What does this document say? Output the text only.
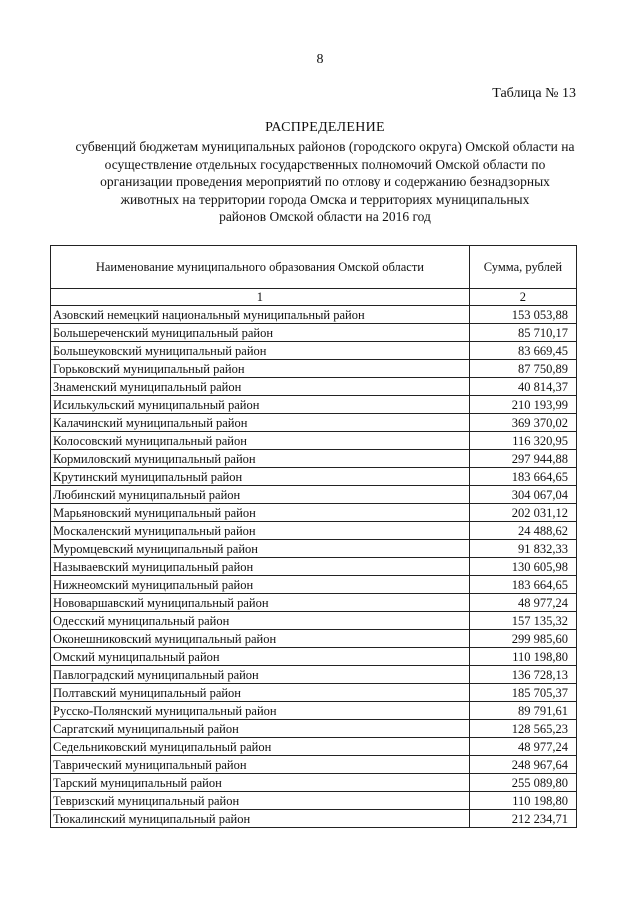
8
Таблица № 13
РАСПРЕДЕЛЕНИЕ
субвенций бюджетам муниципальных районов (городского округа) Омской области на
осуществление отдельных государственных полномочий Омской области по
организации проведения мероприятий по отлову и содержанию безнадзорных
животных на территории города Омска и территориях муниципальных
районов Омской области на 2016 год
Наименование муниципального образования Омской области	Сумма, рублей
1	2
Азовский немецкий национальный муниципальный район	153 053,88
Большереченский муниципальный район	85 710,17
Большеуковский муниципальный район	83 669,45
Горьковский муниципальный район	87 750,89
Знаменский муниципальный район	40 814,37
Исилькульский муниципальный район	210 193,99
Калачинский муниципальный район	369 370,02
Колосовский муниципальный район	116 320,95
Кормиловский муниципальный район	297 944,88
Крутинский муниципальный район	183 664,65
Любинский муниципальный район	304 067,04
Марьяновский муниципальный район	202 031,12
Москаленский муниципальный район	24 488,62
Муромцевский муниципальный район	91 832,33
Называевский муниципальный район	130 605,98
Нижнеомский муниципальный район	183 664,65
Нововаршавский муниципальный район	48 977,24
Одесский муниципальный район	157 135,32
Оконешниковский муниципальный район	299 985,60
Омский муниципальный район	110 198,80
Павлоградский муниципальный район	136 728,13
Полтавский муниципальный район	185 705,37
Русско-Полянский муниципальный район	89 791,61
Саргатский муниципальный район	128 565,23
Седельниковский муниципальный район	48 977,24
Таврический муниципальный район	248 967,64
Тарский муниципальный район	255 089,80
Тевризский муниципальный район	110 198,80
Тюкалинский муниципальный район	212 234,71
